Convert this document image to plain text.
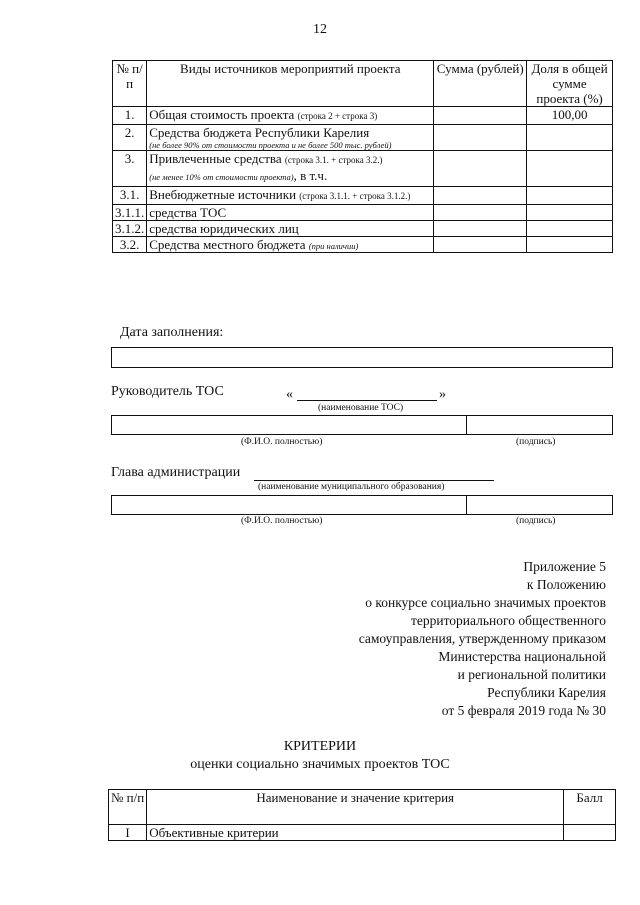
12
№ п/п	Виды источников мероприятий проекта	Сумма (рублей)	Доля в общей сумме проекта (%)
1.	Общая стоимость проекта (строка 2 + строка 3)		100,00
2.	Средства бюджета Республики Карелия
(не более 90% от стоимости проекта и не более 500 тыс. рублей)		

3.	Привлеченные средства (строка 3.1. + строка 3.2.)
(не менее 10% от стоимости проекта), в т.ч.		
3.1.	Внебюджетные источники (строка 3.1.1. + строка 3.1.2.)		
3.1.1.	средства ТОС		
3.1.2.	средства юридических лиц		
3.2.	Средства местного бюджета (при наличии)		
Дата заполнения:
Руководитель ТОС	«	»
(наименование ТОС)
(Ф.И.О. полностью)	(подпись)
Глава администрации
(наименование муниципального образования)
(Ф.И.О. полностью)	(подпись)
Приложение 5
к Положению
о конкурсе социально значимых проектов
территориального общественного
самоуправления, утвержденному приказом
Министерства национальной
и региональной политики
Республики Карелия
от 5 февраля 2019 года № 30
КРИТЕРИИ
оценки социально значимых проектов ТОС
№ п/п	Наименование и значение критерия	Балл
I	Объективные критерии	
